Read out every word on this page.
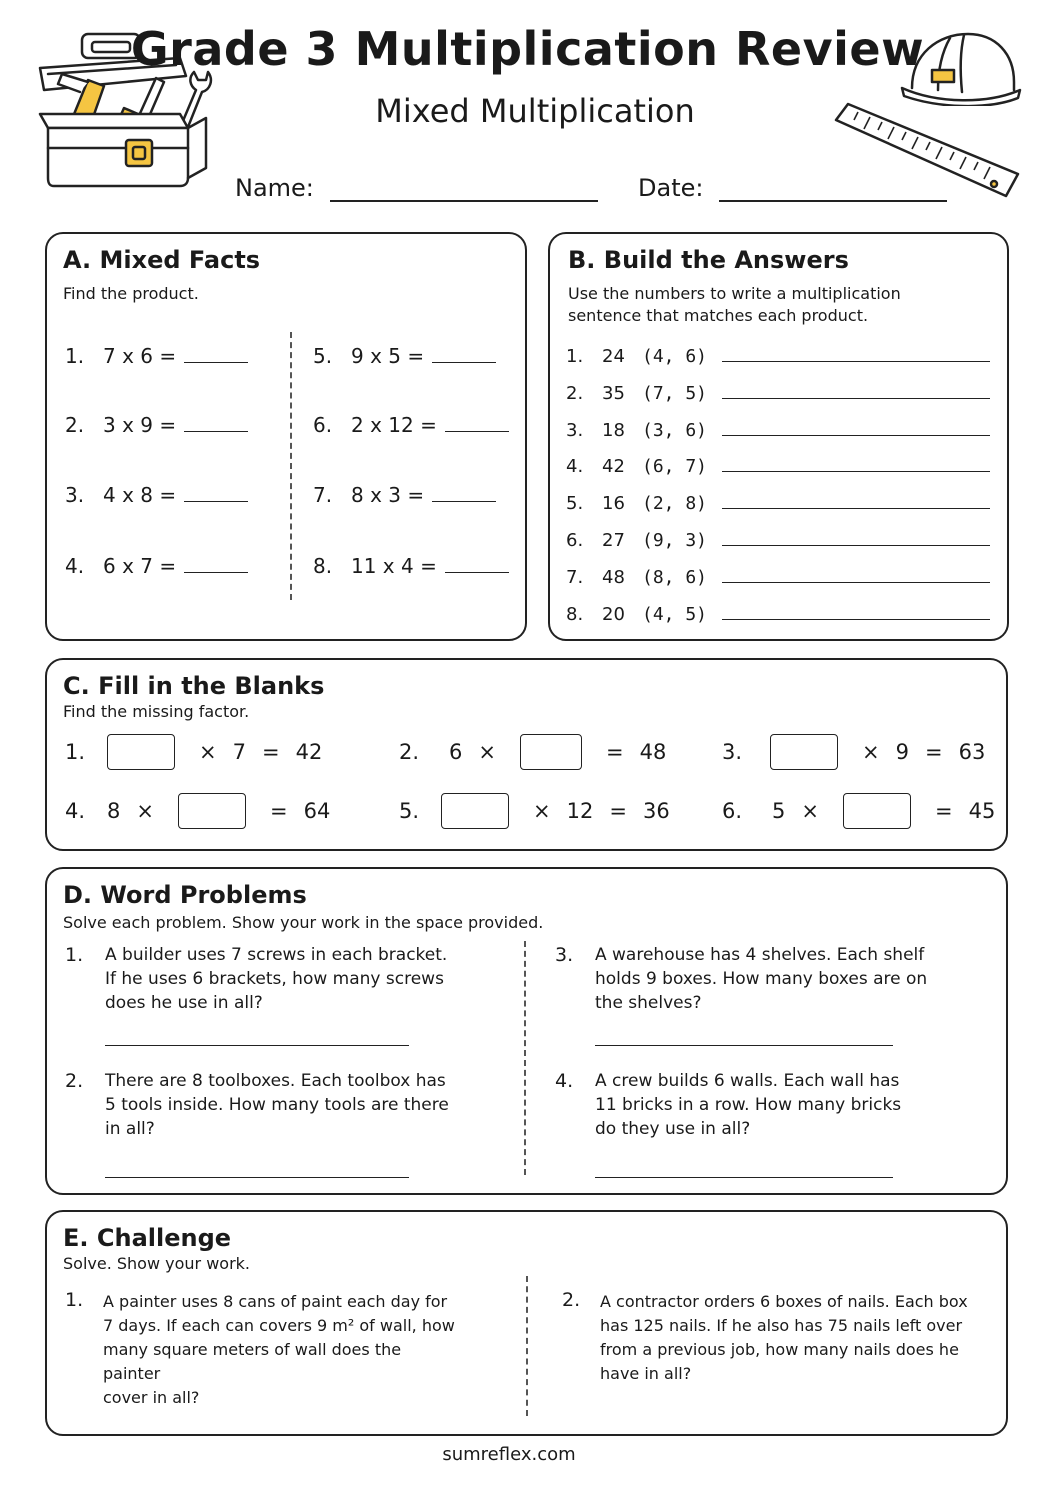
Grade 3 Multiplication Review
Mixed Multiplication
Name:	Date:
A. Mixed Facts
Find the product.
1. 7 x 6 =
2. 3 x 9 =
3. 4 x 8 =
4. 6 x 7 =
5. 9 x 5 =
6. 2 x 12 =
7. 8 x 3 =
8. 11 x 4 =
B. Build the Answers
Use the numbers to write a multiplication
sentence that matches each product.
1. 24 (4, 6)
2. 35 (7, 5)
3. 18 (3, 6)
4. 42 (6, 7)
5. 16 (2, 8)
6. 27 (9, 3)
7. 48 (8, 6)
8. 20 (4, 5)
C. Fill in the Blanks
Find the missing factor.
1.	× 7 = 42	2.	6 ×	= 48	3.	× 9 = 63
4.	8 ×	= 64	5.	× 12 = 36 6.	5 ×	= 45
D. Word Problems
Solve each problem. Show your work in the space provided.
1. A builder uses 7 screws in each bracket.
If he uses 6 brackets, how many screws
does he use in all?
2. There are 8 toolboxes. Each toolbox has
5 tools inside. How many tools are there
in all?
3. A warehouse has 4 shelves. Each shelf
holds 9 boxes. How many boxes are on
the shelves?
4. A crew builds 6 walls. Each wall has
11 bricks in a row. How many bricks
do they use in all?
E. Challenge
Solve. Show your work.
1. A painter uses 8 cans of paint each day for
7 days. If each can covers 9 m² of wall, how
many square meters of wall does the painter
cover in all?
2. A contractor orders 6 boxes of nails. Each box
has 125 nails. If he also has 75 nails left over
from a previous job, how many nails does he
have in all?
sumreflex.com
